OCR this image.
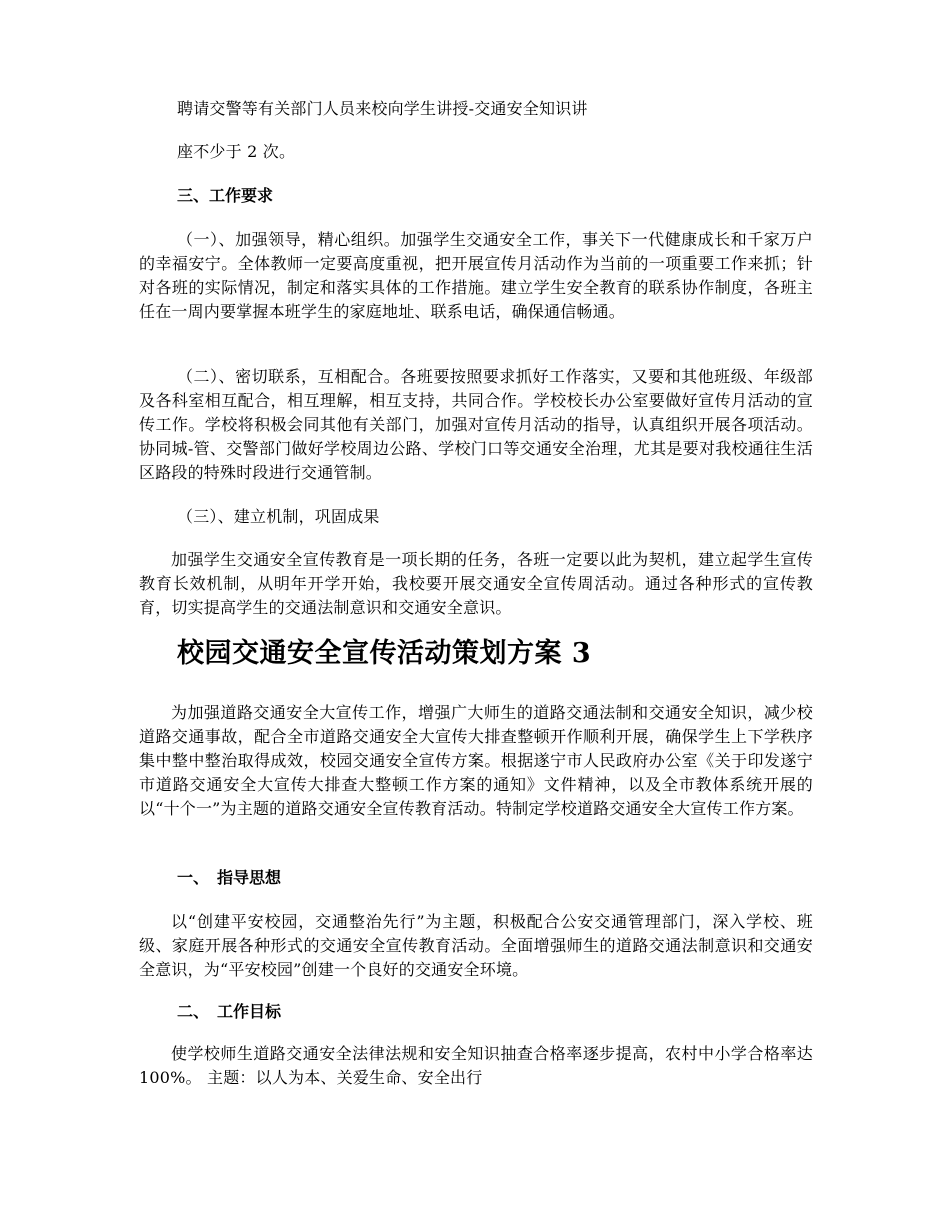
聘请交警等有关部门人员来校向学生讲授-交通安全知识讲

座不少于 2 次。

三、工作要求

（一）、加强领导，精心组织。加强学生交通安全工作，事关下一代健康成长和千家万户的幸福安宁。全体教师一定要高度重视，把开展宣传月活动作为当前的一项重要工作来抓；针对各班的实际情况，制定和落实具体的工作措施。建立学生安全教育的联系协作制度，各班主任在一周内要掌握本班学生的家庭地址、联系电话，确保通信畅通。

（二）、密切联系，互相配合。各班要按照要求抓好工作落实，又要和其他班级、年级部及各科室相互配合，相互理解，相互支持，共同合作。学校校长办公室要做好宣传月活动的宣传工作。学校将积极会同其他有关部门，加强对宣传月活动的指导，认真组织开展各项活动。协同城-管、交警部门做好学校周边公路、学校门口等交通安全治理，尤其是要对我校通往生活区路段的特殊时段进行交通管制。

（三）、建立机制，巩固成果

加强学生交通安全宣传教育是一项长期的任务，各班一定要以此为契机，建立起学生宣传教育长效机制，从明年开学开始，我校要开展交通安全宣传周活动。通过各种形式的宣传教育，切实提高学生的交通法制意识和交通安全意识。

校园交通安全宣传活动策划方案 3

为加强道路交通安全大宣传工作，增强广大师生的道路交通法制和交通安全知识，减少校道路交通事故，配合全市道路交通安全大宣传大排查整顿开作顺利开展，确保学生上下学秩序集中整中整治取得成效，校园交通安全宣传方案。根据遂宁市人民政府办公室《关于印发遂宁市道路交通安全大宣传大排查大整顿工作方案的通知》文件精神，以及全市教体系统开展的以“十个一”为主题的道路交通安全宣传教育活动。特制定学校道路交通安全大宣传工作方案。

一、　指导思想

以“创建平安校园，交通整治先行”为主题，积极配合公安交通管理部门，深入学校、班级、家庭开展各种形式的交通安全宣传教育活动。全面增强师生的道路交通法制意识和交通安全意识，为“平安校园”创建一个良好的交通安全环境。

二、　工作目标

使学校师生道路交通安全法律法规和安全知识抽查合格率逐步提高，农村中小学合格率达 100%。 主题：以人为本、关爱生命、安全出行
